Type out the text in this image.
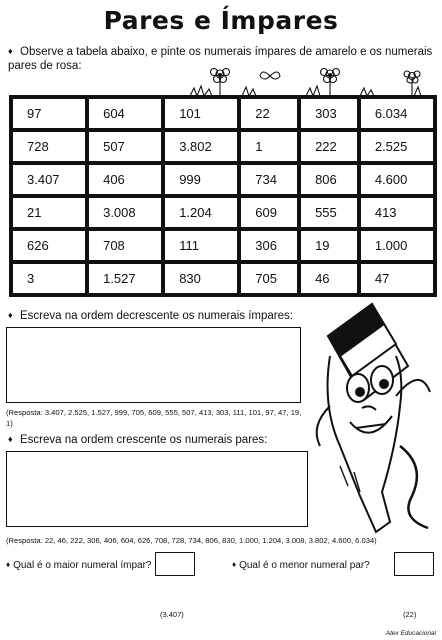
Pares e Ímpares
♦ Observe a tabela abaixo, e pinte os numerais ímpares de amarelo e os numerais pares de rosa:
97	604	101	22	303	6.034
728	507	3.802	1	222	2.525
3.407	406	999	734	806	4.600
21	3.008	1.204	609	555	413
626	708	111	306	19	1.000
3	1.527	830	705	46	47
♦ Escreva na ordem decrescente os numerais ímpares:
(Resposta: 3.407, 2.525, 1.527, 999, 705, 609, 555, 507, 413, 303, 111, 101, 97, 47, 19, 1)
♦ Escreva na ordem crescente os numerais pares:
(Resposta: 22, 46, 222, 306, 406, 604, 626, 708, 728, 734, 806, 830, 1.000, 1.204, 3.008, 3.802, 4.600, 6.034)
♦ Qual é o maior numeral ímpar?
(3.407)
♦ Qual é o menor numeral par?
(22)
Atex Educacional
